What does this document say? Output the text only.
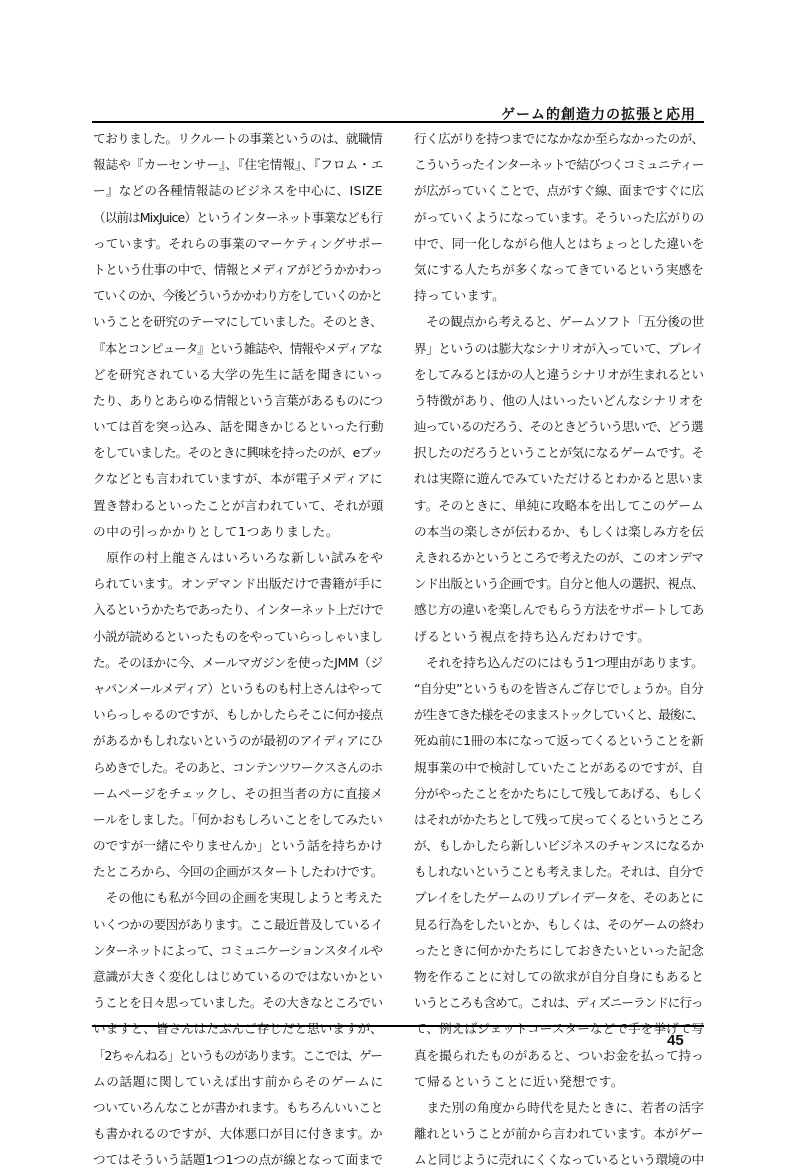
ゲーム的創造力の拡張と応用
ておりました。リクルートの事業というのは、就職情
報誌や『カーセンサー』、『住宅情報』、『フロム・エ
ー』などの各種情報誌のビジネスを中心に、ISIZE
（以前はMixJuice）というインターネット事業なども行
っています。それらの事業のマーケティングサポー
トという仕事の中で、情報とメディアがどうかかわっ
ていくのか、今後どういうかかわり方をしていくのかと
いうことを研究のテーマにしていました。そのとき、
『本とコンピュータ』という雑誌や、情報やメディアな
どを研究されている大学の先生に話を聞きにいっ
たり、ありとあらゆる情報という言葉があるものにつ
いては首を突っ込み、話を聞きかじるといった行動
をしていました。そのときに興味を持ったのが、eブッ
クなどとも言われていますが、本が電子メディアに
置き替わるといったことが言われていて、それが頭
の中の引っかかりとして1つありました。
　原作の村上龍さんはいろいろな新しい試みをや
られています。オンデマンド出版だけで書籍が手に
入るというかたちであったり、インターネット上だけで
小説が読めるといったものをやっていらっしゃいまし
た。そのほかに今、メールマガジンを使ったJMM（ジ
ャパンメールメディア）というものも村上さんはやって
いらっしゃるのですが、もしかしたらそこに何か接点
があるかもしれないというのが最初のアイディアにひ
らめきでした。そのあと、コンテンツワークスさんのホ
ームページをチェックし、その担当者の方に直接メ
ールをしました。「何かおもしろいことをしてみたい
のですが一緒にやりませんか」という話を持ちかけ
たところから、今回の企画がスタートしたわけです。
　その他にも私が今回の企画を実現しようと考えた
いくつかの要因があります。ここ最近普及しているイ
ンターネットによって、コミュニケーションスタイルや
意識が大きく変化しはじめているのではないかとい
うことを日々思っていました。その大きなところでい
いますと、皆さんはたぶんご存じだと思いますが、
「2ちゃんねる」というものがあります。ここでは、ゲー
ムの話題に関していえば出す前からそのゲームに
ついていろんなことが書かれます。もちろんいいこと
も書かれるのですが、大体悪口が目に付きます。か
つてはそういう話題1つ1つの点が線となって面まで
行く広がりを持つまでになかなか至らなかったのが、
こういうったインターネットで結びつくコミュニティー
が広がっていくことで、点がすぐ線、面まですぐに広
がっていくようになっています。そういった広がりの
中で、同一化しながら他人とはちょっとした違いを
気にする人たちが多くなってきているという実感を
持っています。
　その観点から考えると、ゲームソフト「五分後の世
界」というのは膨大なシナリオが入っていて、プレイ
をしてみるとほかの人と違うシナリオが生まれるとい
う特徴があり、他の人はいったいどんなシナリオを
辿っているのだろう、そのときどういう思いで、どう選
択したのだろうということが気になるゲームです。そ
れは実際に遊んでみていただけるとわかると思いま
す。そのときに、単純に攻略本を出してこのゲーム
の本当の楽しさが伝わるか、もしくは楽しみ方を伝
えきれるかというところで考えたのが、このオンデマ
ンド出版という企画です。自分と他人の選択、視点、
感じ方の違いを楽しんでもらう方法をサポートしてあ
げるという視点を持ち込んだわけです。
　それを持ち込んだのにはもう1つ理由があります。
“自分史”というものを皆さんご存じでしょうか。自分
が生きてきた様をそのままストックしていくと、最後に、
死ぬ前に1冊の本になって返ってくるということを新
規事業の中で検討していたことがあるのですが、自
分がやったことをかたちにして残してあげる、もしく
はそれがかたちとして残って戻ってくるというところ
が、もしかしたら新しいビジネスのチャンスになるか
もしれないということも考えました。それは、自分で
プレイをしたゲームのリプレイデータを、そのあとに
見る行為をしたいとか、もしくは、そのゲームの終わ
ったときに何かかたちにしておきたいといった記念
物を作ることに対しての欲求が自分自身にもあると
いうところも含めて。これは、ディズニーランドに行っ
て、例えばジェットコースターなどで手を挙げて写
真を撮られたものがあると、ついお金を払って持っ
て帰るということに近い発想です。
　また別の角度から時代を見たときに、若者の活字
離れということが前から言われています。本がゲー
ムと同じように売れにくくなっているという環境の中
45
